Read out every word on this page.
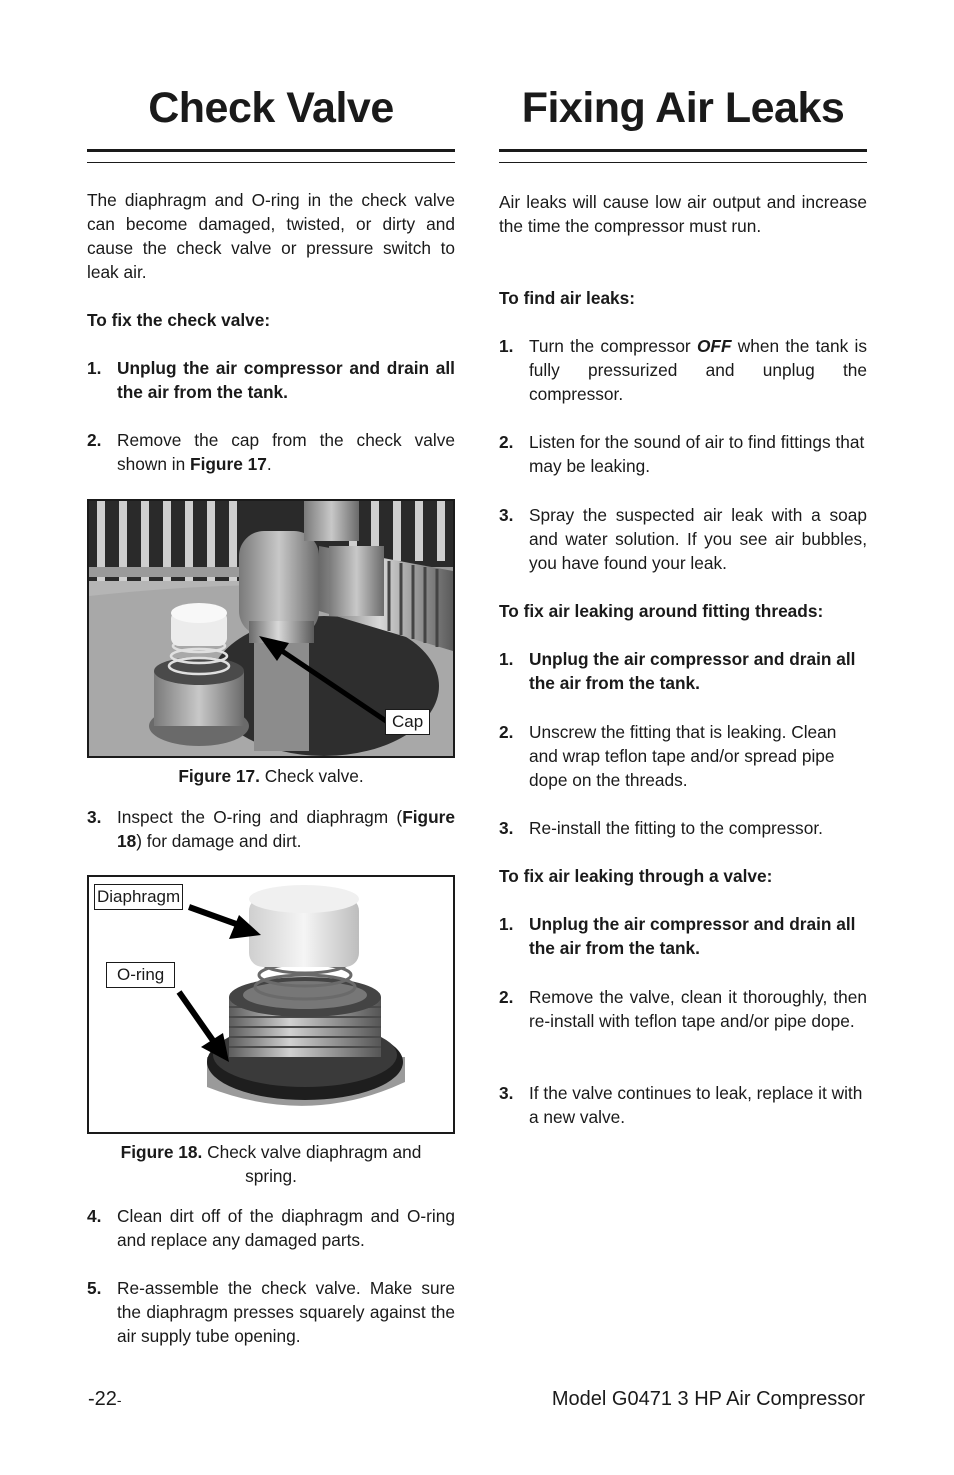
Check Valve

The diaphragm and O-ring in the check valve can become damaged, twisted, or dirty and cause the check valve or pressure switch to leak air.

To fix the check valve:
1. Unplug the air compressor and drain all the air from the tank.
2. Remove the cap from the check valve shown in Figure 17.
Cap
Figure 17. Check valve.
3. Inspect the O-ring and diaphragm (Figure 18) for damage and dirt.
Diaphragm
O-ring
Figure 18. Check valve diaphragm and spring.
4. Clean dirt off of the diaphragm and O-ring and replace any damaged parts.
5. Re-assemble the check valve. Make sure the diaphragm presses squarely against the air supply tube opening.
Fixing Air Leaks

Air leaks will cause low air output and increase the time the compressor must run.

To find air leaks:
1. Turn the compressor OFF when the tank is fully pressurized and unplug the compressor.
2. Listen for the sound of air to find fittings that may be leaking.
3. Spray the suspected air leak with a soap and water solution. If you see air bubbles, you have found your leak.
To fix air leaking around fitting threads:
1. Unplug the air compressor and drain all the air from the tank.
2. Unscrew the fitting that is leaking. Clean and wrap teflon tape and/or spread pipe dope on the threads.
3. Re-install the fitting to the compressor.
To fix air leaking through a valve:
1. Unplug the air compressor and drain all the air from the tank.
2. Remove the valve, clean it thoroughly, then re-install with teflon tape and/or pipe dope.
3. If the valve continues to leak, replace it with a new valve.
-22-	Model G0471 3 HP Air Compressor
